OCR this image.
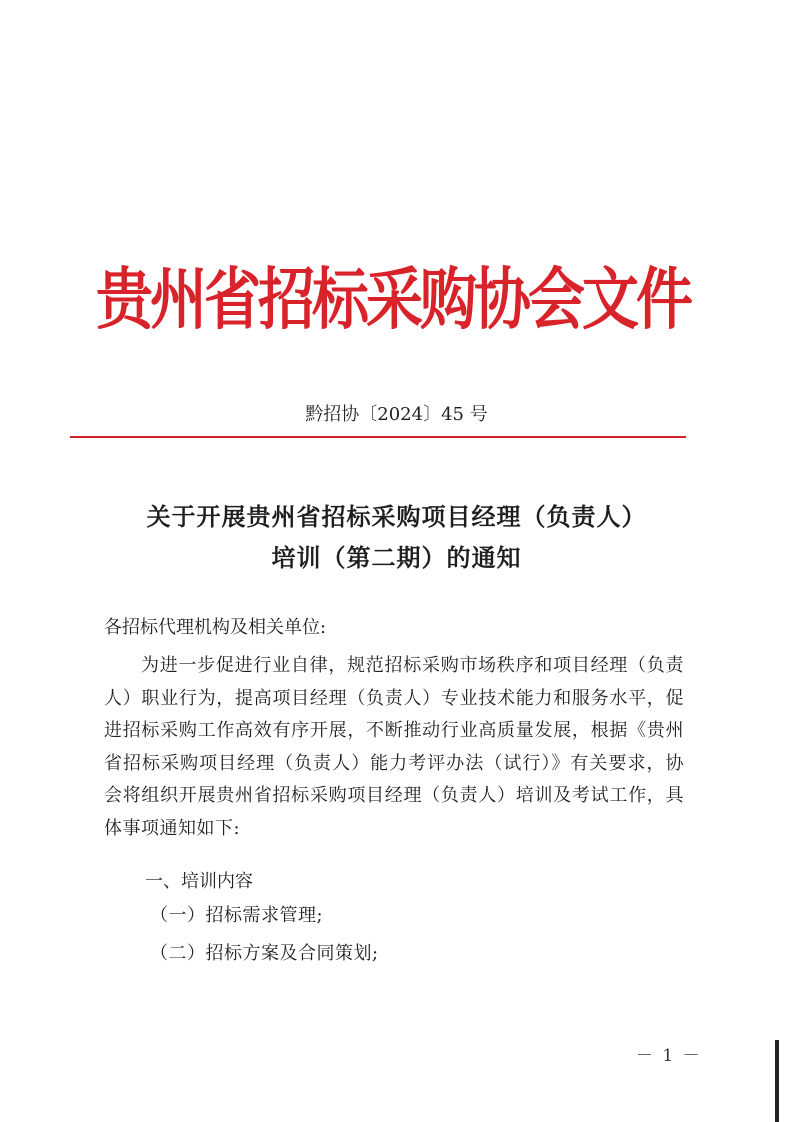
贵州省招标采购协会文件
黔招协〔2024〕45 号
关于开展贵州省招标采购项目经理（负责人）
培训（第二期）的通知
各招标代理机构及相关单位:
为进一步促进行业自律，规范招标采购市场秩序和项目经理（负责人）职业行为，提高项目经理（负责人）专业技术能力和服务水平，促进招标采购工作高效有序开展，不断推动行业高质量发展，根据《贵州省招标采购项目经理（负责人）能力考评办法（试行）》有关要求，协会将组织开展贵州省招标采购项目经理（负责人）培训及考试工作，具体事项通知如下:
一、培训内容
（一）招标需求管理;
（二）招标方案及合同策划;
－ 1 －
